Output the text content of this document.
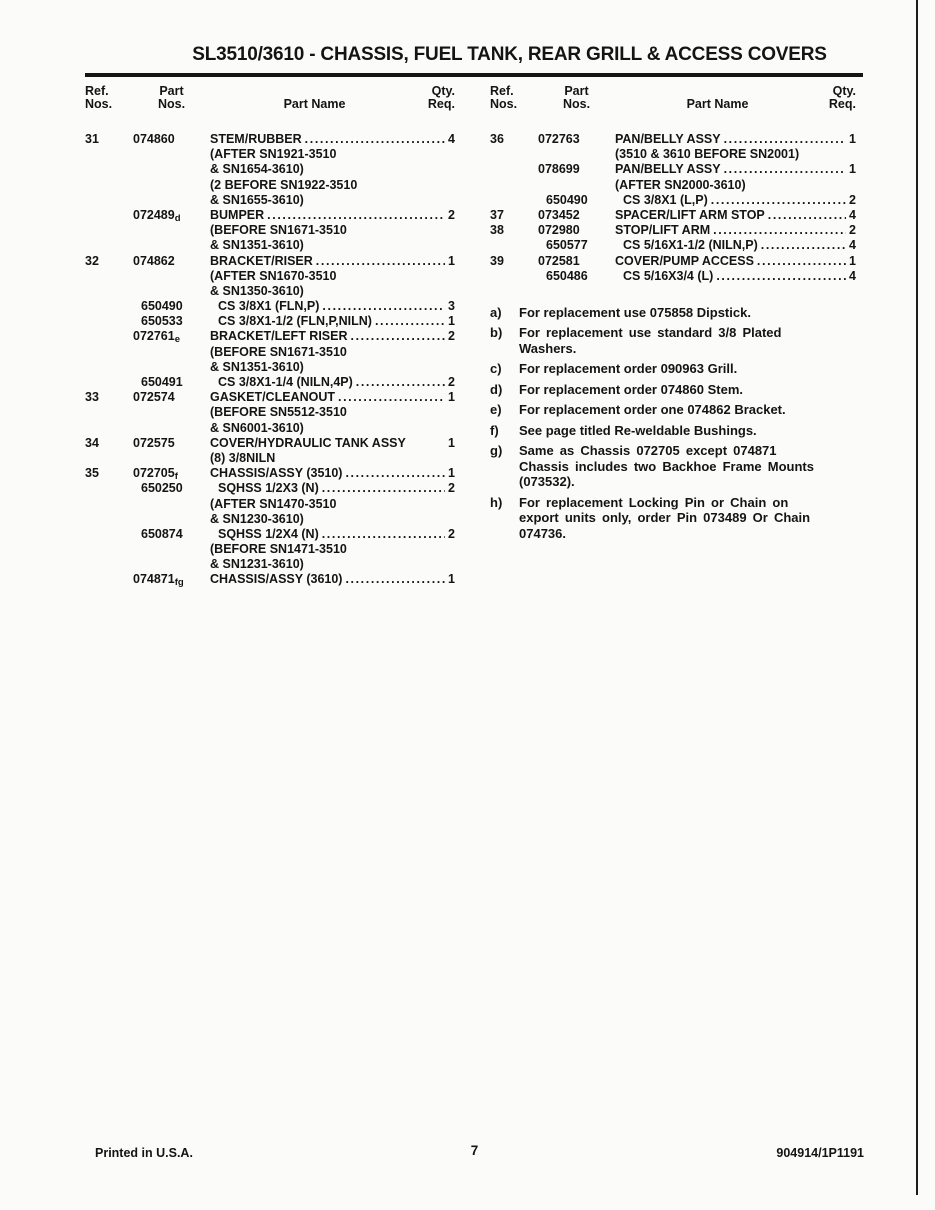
SL3510/3610 - CHASSIS, FUEL TANK, REAR GRILL & ACCESS COVERS
Ref.
Nos.
Part
Nos.	Part Name
Qty.
Req.
31	074860	STEM/RUBBER .....	4
(AFTER SN1921-3510
& SN1654-3610)
(2 BEFORE SN1922-3510
& SN1655-3610)
$072489_d$	BUMPER .....	2
(BEFORE SN1671-3510
& SN1351-3610)
32	074862	BRACKET/RISER .....	1
(AFTER SN1670-3510
& SN1350-3610)
650490	CS 3/8X1 (FLN,P) .....	3
650533	CS 3/8X1-1/2 (FLN,P,NILN) .....	1
$072761_e$	BRACKET/LEFT RISER .....	2
(BEFORE SN1671-3510
& SN1351-3610)
650491	CS 3/8X1-1/4 (NILN,4P) .....	2
33	072574	GASKET/CLEANOUT .....	1
(BEFORE SN5512-3510
& SN6001-3610)
34	072575	COVER/HYDRAULIC TANK ASSY	1
(8) 3/8NILN
35	$072705_f$	CHASSIS/ASSY (3510) .....	1
650250	SQHSS 1/2X3 (N) .....	2
(AFTER SN1470-3510
& SN1230-3610)
650874	SQHSS 1/2X4 (N) .....	2
(BEFORE SN1471-3510
& SN1231-3610)
$074871_{fg}$	CHASSIS/ASSY (3610) .....	1
Ref.
Nos.
Part
Nos.	Part Name
Qty.
Req.
36	072763	PAN/BELLY ASSY .....	1
(3510 & 3610 BEFORE SN2001)
078699	PAN/BELLY ASSY .....	1
(AFTER SN2000-3610)
650490	CS 3/8X1 (L,P) .....	2
37	073452	SPACER/LIFT ARM STOP .....	4
38	072980	STOP/LIFT ARM .....	2
650577	CS 5/16X1-1/2 (NILN,P) .....	4
39	072581	COVER/PUMP ACCESS .....	1
650486	CS 5/16X3/4 (L) .....	4
a)	For replacement use 075858 Dipstick.
b)	For replacement use standard 3/8 Plated
Washers.
c)	For replacement order 090963 Grill.
d)	For replacement order 074860 Stem.
e)	For replacement order one 074862 Bracket.
f)	See page titled Re-weldable Bushings.
g)	Same as Chassis 072705 except 074871
Chassis includes two Backhoe Frame Mounts
(073532).
h)	For replacement Locking Pin or Chain on
export units only, order Pin 073489 Or Chain
074736.
Printed in U.S.A.	7	904914/1P1191
